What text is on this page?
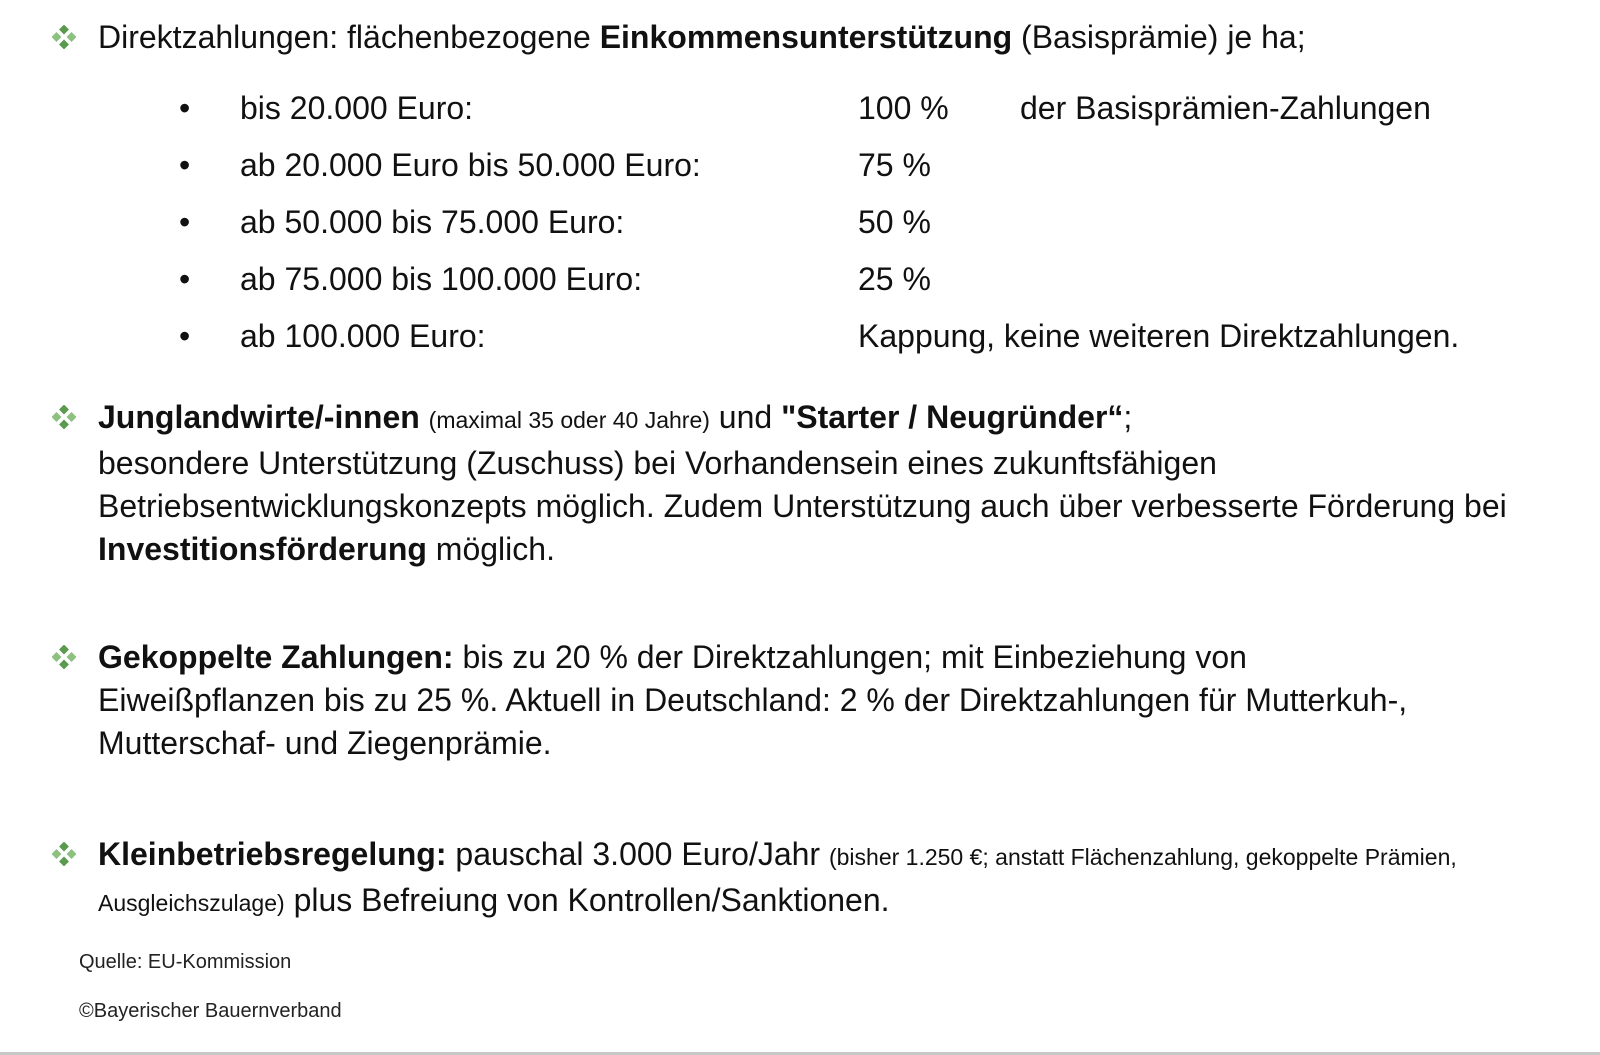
Direktzahlungen: flächenbezogene Einkommensunterstützung (Basisprämie) je ha;
• bis 20.000 Euro:	100 % der Basisprämien-Zahlungen
• ab 20.000 Euro bis 50.000 Euro:	75 %
• ab 50.000 bis 75.000 Euro:	50 %
• ab 75.000 bis 100.000 Euro:	25 %
• ab 100.000 Euro:	Kappung, keine weiteren Direktzahlungen.
Junglandwirte/-innen (maximal 35 oder 40 Jahre) und "Starter / Neugründer“;
besondere Unterstützung (Zuschuss) bei Vorhandensein eines zukunftsfähigen Betriebsentwicklungskonzepts möglich. Zudem Unterstützung auch über verbesserte Förderung bei Investitionsförderung möglich.
Gekoppelte Zahlungen: bis zu 20 % der Direktzahlungen; mit Einbeziehung von Eiweißpflanzen bis zu 25 %. Aktuell in Deutschland: 2 % der Direktzahlungen für Mutterkuh-, Mutterschaf- und Ziegenprämie.
Kleinbetriebsregelung: pauschal 3.000 Euro/Jahr (bisher 1.250 €; anstatt Flächenzahlung, gekoppelte Prämien, Ausgleichszulage) plus Befreiung von Kontrollen/Sanktionen.
Quelle: EU-Kommission
©Bayerischer Bauernverband
